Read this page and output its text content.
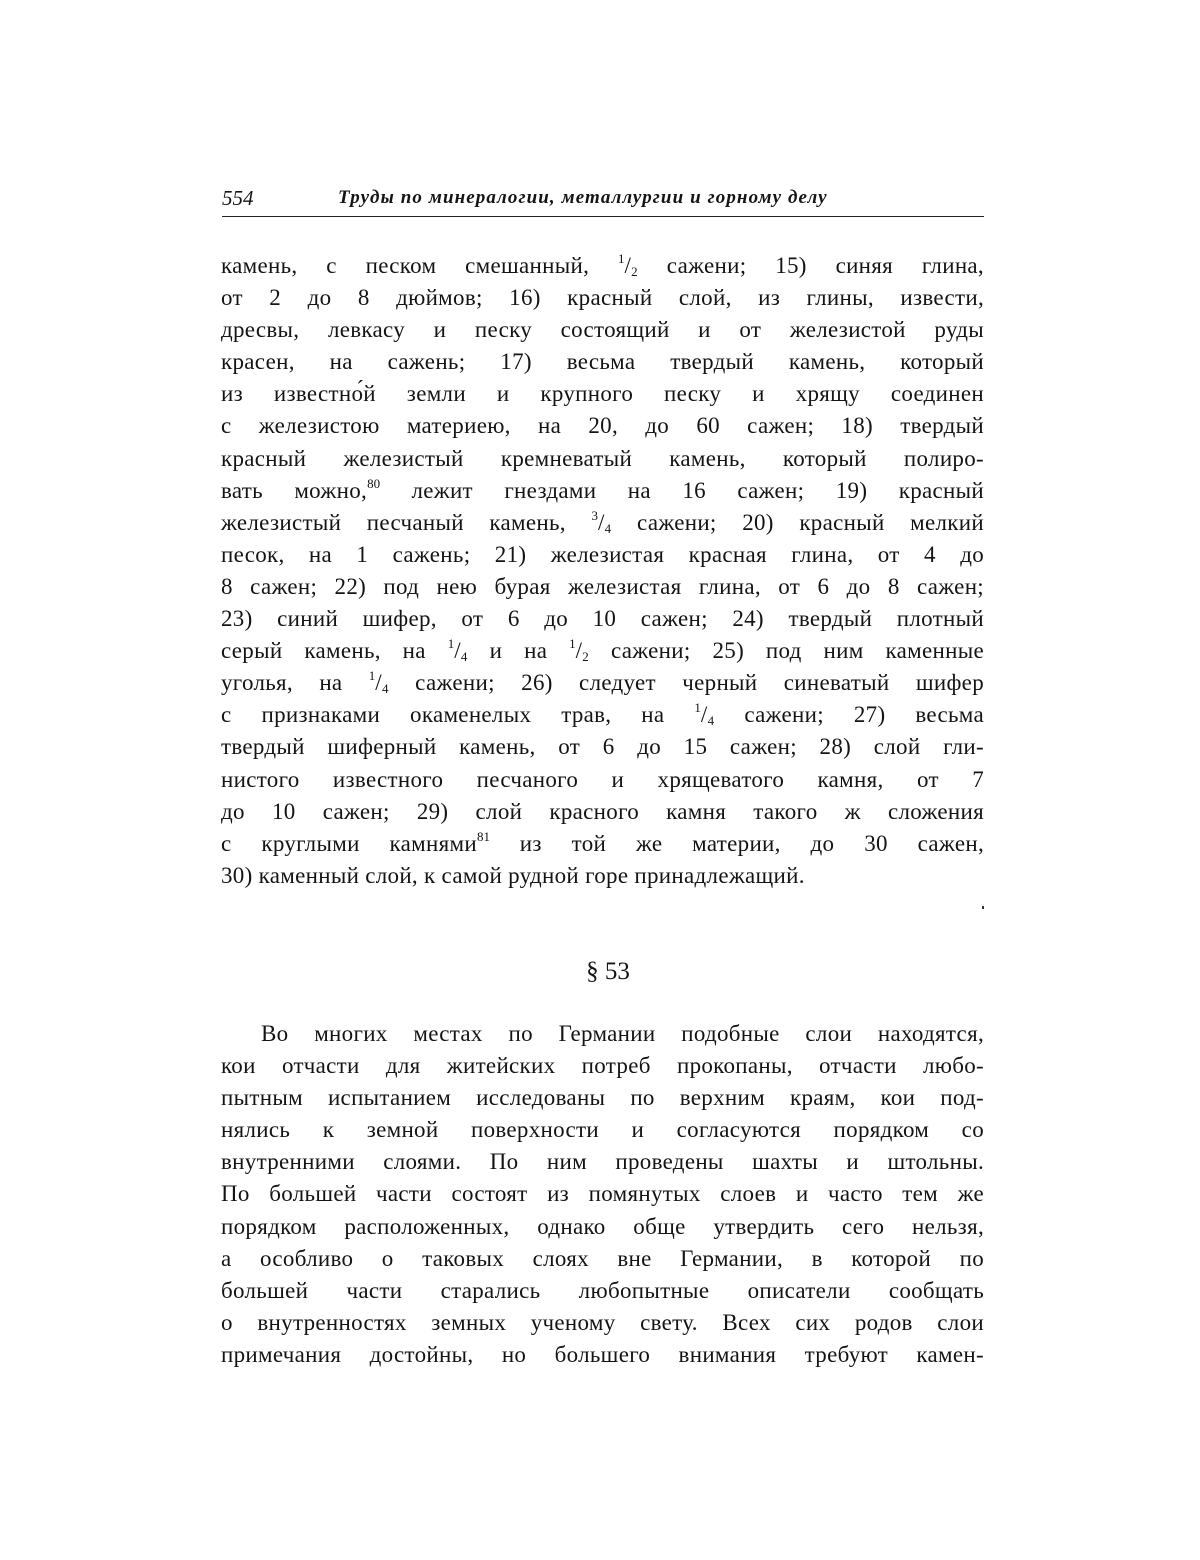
554	Труды по минералогии, металлургии и горному делу

камень, с песком смешанный, 1/2 сажени; 15) синяя глина,
от 2 до 8 дюймов; 16) красный слой, из глины, извести,
дресвы, левкасу и песку состоящий и от железистой руды
красен, на сажень; 17) весьма твердый камень, который
из известно́й земли и крупного песку и хрящу соединен
с железистою материею, на 20, до 60 сажен; 18) твердый
красный железистый кремневатый камень, который полиро-
вать можно,80 лежит гнездами на 16 сажен; 19) красный
железистый песчаный камень, 3/4 сажени; 20) красный мелкий
песок, на 1 сажень; 21) железистая красная глина, от 4 до
8 сажен; 22) под нею бурая железистая глина, от 6 до 8 сажен;
23) синий шифер, от 6 до 10 сажен; 24) твердый плотный
серый камень, на 1/4 и на 1/2 сажени; 25) под ним каменные
уголья, на 1/4 сажени; 26) следует черный синеватый шифер
с признаками окаменелых трав, на 1/4 сажени; 27) весьма
твердый шиферный камень, от 6 до 15 сажен; 28) слой гли-
нистого известного песчаного и хрящеватого камня, от 7
до 10 сажен; 29) слой красного камня такого ж сложения
с круглыми камнями81 из той же материи, до 30 сажен,
30) каменный слой, к самой рудной горе принадлежащий.

§ 53

Во многих местах по Германии подобные слои находятся,
кои отчасти для житейских потреб прокопаны, отчасти любо-
пытным испытанием исследованы по верхним краям, кои под-
нялись к земной поверхности и согласуются порядком со
внутренними слоями. По ним проведены шахты и штольны.
По большей части состоят из помянутых слоев и часто тем же
порядком расположенных, однако обще утвердить сего нельзя,
а особливо о таковых слоях вне Германии, в которой по
большей части старались любопытные описатели сообщать
о внутренностях земных ученому свету. Всех сих родов слои
примечания достойны, но большего внимания требуют камен-
